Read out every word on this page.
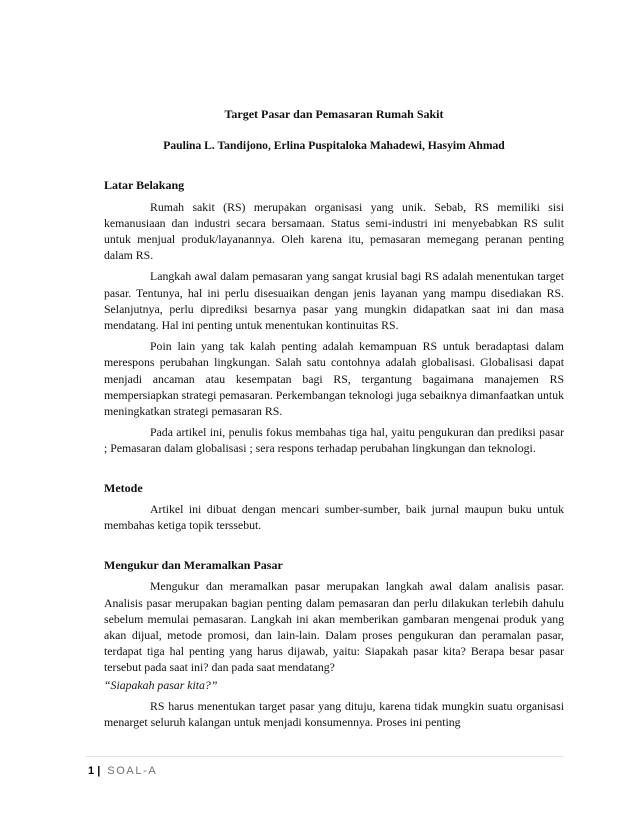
Target Pasar dan Pemasaran Rumah Sakit

Paulina L. Tandijono, Erlina Puspitaloka Mahadewi, Hasyim Ahmad

Latar Belakang

Rumah sakit (RS) merupakan organisasi yang unik. Sebab, RS memiliki sisi kemanusiaan dan industri secara bersamaan. Status semi-industri ini menyebabkan RS sulit untuk menjual produk/layanannya. Oleh karena itu, pemasaran memegang peranan penting dalam RS.

Langkah awal dalam pemasaran yang sangat krusial bagi RS adalah menentukan target pasar. Tentunya, hal ini perlu disesuaikan dengan jenis layanan yang mampu disediakan RS. Selanjutnya, perlu diprediksi besarnya pasar yang mungkin didapatkan saat ini dan masa mendatang. Hal ini penting untuk menentukan kontinuitas RS.

Poin lain yang tak kalah penting adalah kemampuan RS untuk beradaptasi dalam merespons perubahan lingkungan. Salah satu contohnya adalah globalisasi. Globalisasi dapat menjadi ancaman atau kesempatan bagi RS, tergantung bagaimana manajemen RS mempersiapkan strategi pemasaran. Perkembangan teknologi juga sebaiknya dimanfaatkan untuk meningkatkan strategi pemasaran RS.

Pada artikel ini, penulis fokus membahas tiga hal, yaitu pengukuran dan prediksi pasar ; Pemasaran dalam globalisasi ; sera respons terhadap perubahan lingkungan dan teknologi.

Metode

Artikel ini dibuat dengan mencari sumber-sumber, baik jurnal maupun buku untuk membahas ketiga topik terssebut.

Mengukur dan Meramalkan Pasar

Mengukur dan meramalkan pasar merupakan langkah awal dalam analisis pasar. Analisis pasar merupakan bagian penting dalam pemasaran dan perlu dilakukan terlebih dahulu sebelum memulai pemasaran. Langkah ini akan memberikan gambaran mengenai produk yang akan dijual, metode promosi, dan lain-lain. Dalam proses pengukuran dan peramalan pasar, terdapat tiga hal penting yang harus dijawab, yaitu: Siapakah pasar kita? Berapa besar pasar tersebut pada saat ini? dan pada saat mendatang?

“Siapakah pasar kita?”

RS harus menentukan target pasar yang dituju, karena tidak mungkin suatu organisasi menarget seluruh kalangan untuk menjadi konsumennya. Proses ini penting

1 | SOAL-A
